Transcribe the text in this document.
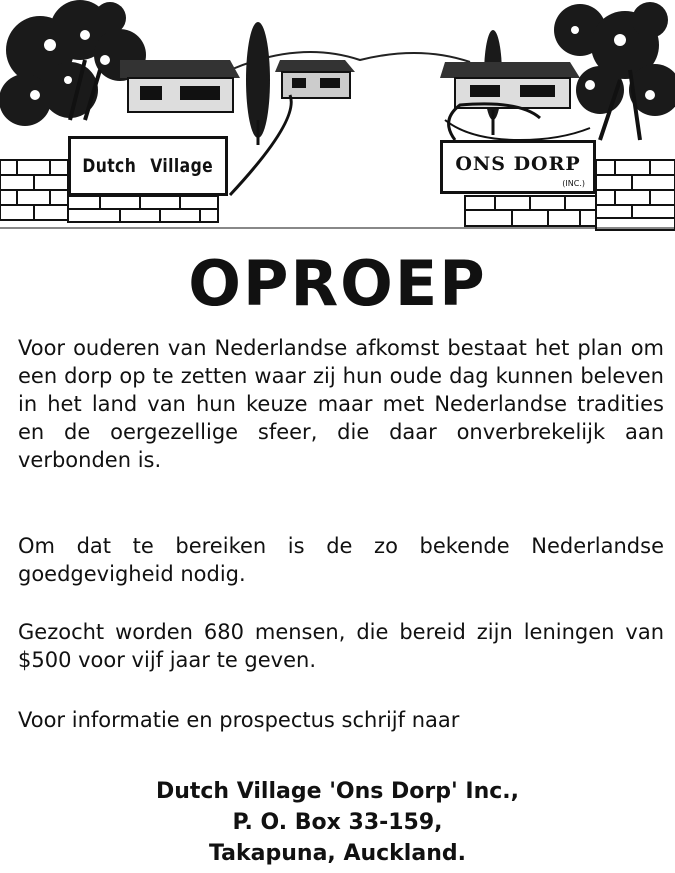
Dutch Village	ONS DORP
(INC.)
OPROEP

Voor ouderen van Nederlandse afkomst bestaat het plan om een dorp op te zetten waar zij hun oude dag kunnen beleven in het land van hun keuze maar met Nederlandse tradities en de oergezellige sfeer, die daar onverbrekelijk aan verbonden is.

Om dat te bereiken is de zo bekende Nederlandse goedgevigheid nodig.

Gezocht worden 680 mensen, die bereid zijn leningen van $500 voor vijf jaar te geven.

Voor informatie en prospectus schrijf naar

Dutch Village 'Ons Dorp' Inc.,
P. O. Box 33-159,
Takapuna, Auckland.
